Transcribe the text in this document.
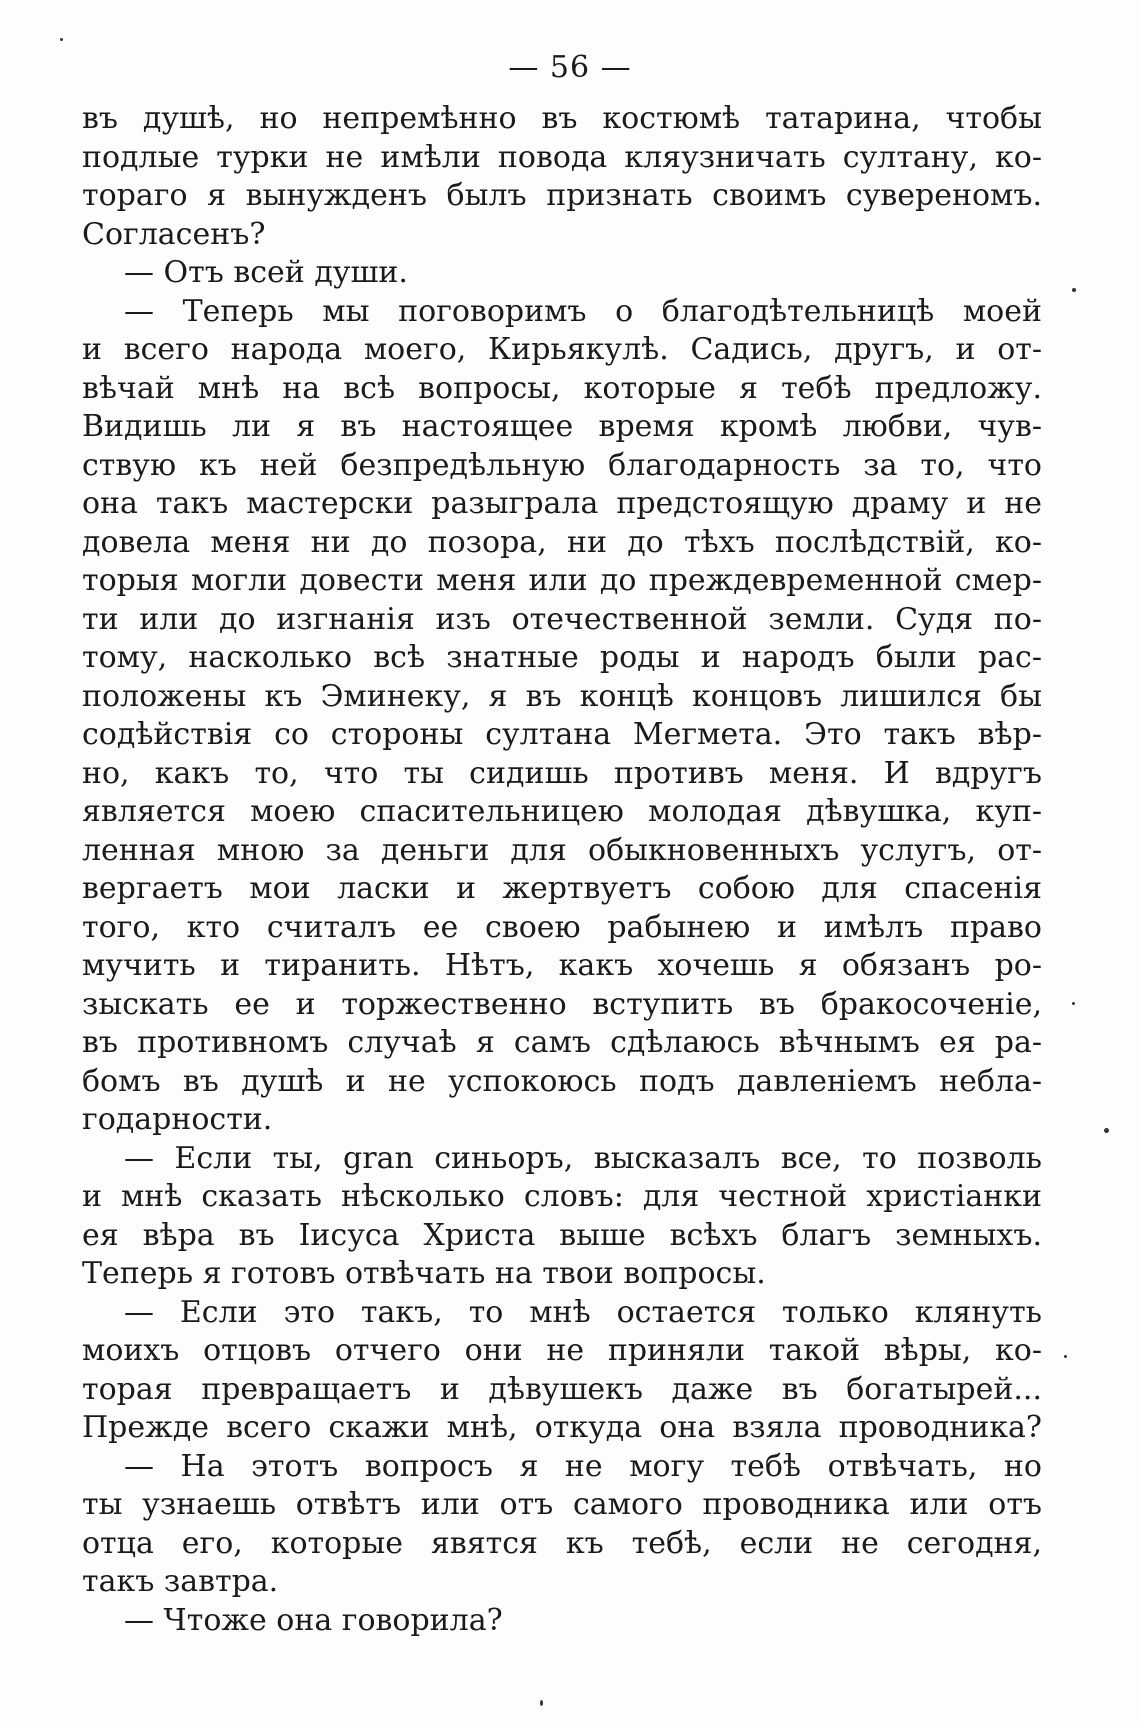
— 56 —
въ душѣ, но непремѣнно въ костюмѣ татарина, чтобы
подлые турки не имѣли повода кляузничать султану, ко-
тораго я вынужденъ былъ признать своимъ сувереномъ.
Согласенъ?
— Отъ всей души.
— Теперь мы поговоримъ о благодѣтельницѣ моей
и всего народа моего, Кирьякулѣ. Садись, другъ, и от-
вѣчай мнѣ на всѣ вопросы, которые я тебѣ предложу.
Видишь ли я въ настоящее время кромѣ любви, чув-
ствую къ ней безпредѣльную благодарность за то, что
она такъ мастерски разыграла предстоящую драму и не
довела меня ни до позора, ни до тѣхъ послѣдствій, ко-
торыя могли довести меня или до преждевременной смер-
ти или до изгнанія изъ отечественной земли. Судя по-
тому, насколько всѣ знатные роды и народъ были рас-
положены къ Эминеку, я въ концѣ концовъ лишился бы
содѣйствія со стороны султана Мегмета. Это такъ вѣр-
но, какъ то, что ты сидишь противъ меня. И вдругъ
является моею спасительницею молодая дѣвушка, куп-
ленная мною за деньги для обыкновенныхъ услугъ, от-
вергаетъ мои ласки и жертвуетъ собою для спасенія
того, кто считалъ ее своею рабынею и имѣлъ право
мучить и тиранить. Нѣтъ, какъ хочешь я обязанъ ро-
зыскать ее и торжественно вступить въ бракосоченіе,
въ противномъ случаѣ я самъ сдѣлаюсь вѣчнымъ ея ра-
бомъ въ душѣ и не успокоюсь подъ давленіемъ небла-
годарности.
— Если ты, gran синьоръ, высказалъ все, то позволь
и мнѣ сказать нѣсколько словъ: для честной христіанки
ея вѣра въ Іисуса Христа выше всѣхъ благъ земныхъ.
Теперь я готовъ отвѣчать на твои вопросы.
— Если это такъ, то мнѣ остается только клянуть
моихъ отцовъ отчего они не приняли такой вѣры, ко-
торая превращаетъ и дѣвушекъ даже въ богатырей...
Прежде всего скажи мнѣ, откуда она взяла проводника?
— На этотъ вопросъ я не могу тебѣ отвѣчать, но
ты узнаешь отвѣтъ или отъ самого проводника или отъ
отца его, которые явятся къ тебѣ, если не сегодня,
такъ завтра.
— Чтоже она говорила?
